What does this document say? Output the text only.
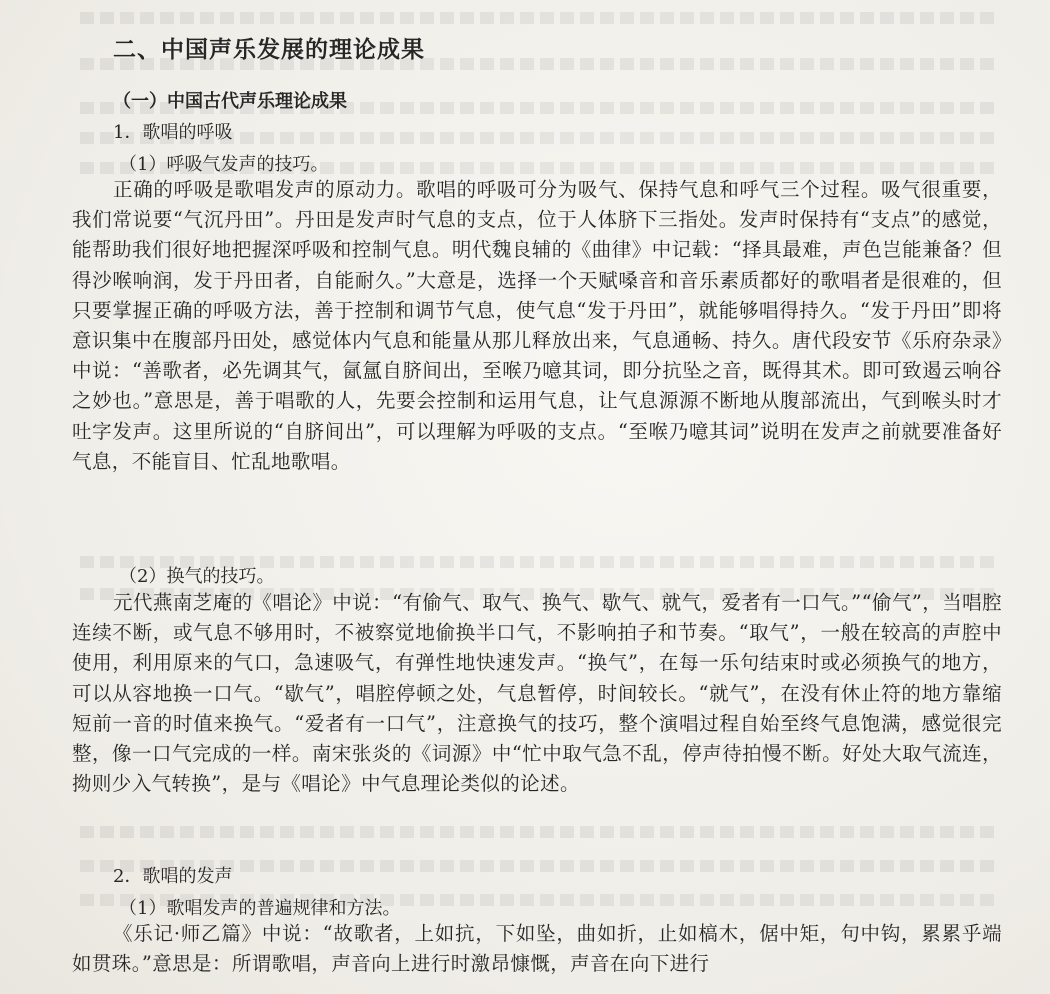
二、中国声乐发展的理论成果
（一）中国古代声乐理论成果
1．歌唱的呼吸
（1）呼吸气发声的技巧。

正确的呼吸是歌唱发声的原动力。歌唱的呼吸可分为吸气、保持气息和呼气三个过程。吸气很重要，我们常说要“气沉丹田”。丹田是发声时气息的支点，位于人体脐下三指处。发声时保持有“支点”的感觉，能帮助我们很好地把握深呼吸和控制气息。明代魏良辅的《曲律》中记载：“择具最难，声色岂能兼备？但得沙喉响润，发于丹田者，自能耐久。”大意是，选择一个天赋嗓音和音乐素质都好的歌唱者是很难的，但只要掌握正确的呼吸方法，善于控制和调节气息，使气息“发于丹田”，就能够唱得持久。“发于丹田”即将意识集中在腹部丹田处，感觉体内气息和能量从那儿释放出来，气息通畅、持久。唐代段安节《乐府杂录》中说：“善歌者，必先调其气，氤氲自脐间出，至喉乃噫其词，即分抗坠之音，既得其术。即可致遏云响谷之妙也。”意思是，善于唱歌的人，先要会控制和运用气息，让气息源源不断地从腹部流出，气到喉头时才吐字发声。这里所说的“自脐间出”，可以理解为呼吸的支点。“至喉乃噫其词”说明在发声之前就要准备好气息，不能盲目、忙乱地歌唱。

（2）换气的技巧。

元代燕南芝庵的《唱论》中说：“有偷气、取气、换气、歇气、就气，爱者有一口气。”“偷气”，当唱腔连续不断，或气息不够用时，不被察觉地偷换半口气，不影响拍子和节奏。“取气”，一般在较高的声腔中使用，利用原来的气口，急速吸气，有弹性地快速发声。“换气”，在每一乐句结束时或必须换气的地方，可以从容地换一口气。“歇气”，唱腔停顿之处，气息暂停，时间较长。“就气”，在没有休止符的地方靠缩短前一音的时值来换气。“爱者有一口气”，注意换气的技巧，整个演唱过程自始至终气息饱满，感觉很完整，像一口气完成的一样。南宋张炎的《词源》中“忙中取气急不乱，停声待拍慢不断。好处大取气流连，拗则少入气转换”，是与《唱论》中气息理论类似的论述。

2．歌唱的发声
（1）歌唱发声的普遍规律和方法。

《乐记·师乙篇》中说：“故歌者，上如抗，下如坠，曲如折，止如槁木，倨中矩，句中钩，累累乎端如贯珠。”意思是：所谓歌唱，声音向上进行时激昂慷慨，声音在向下进行
